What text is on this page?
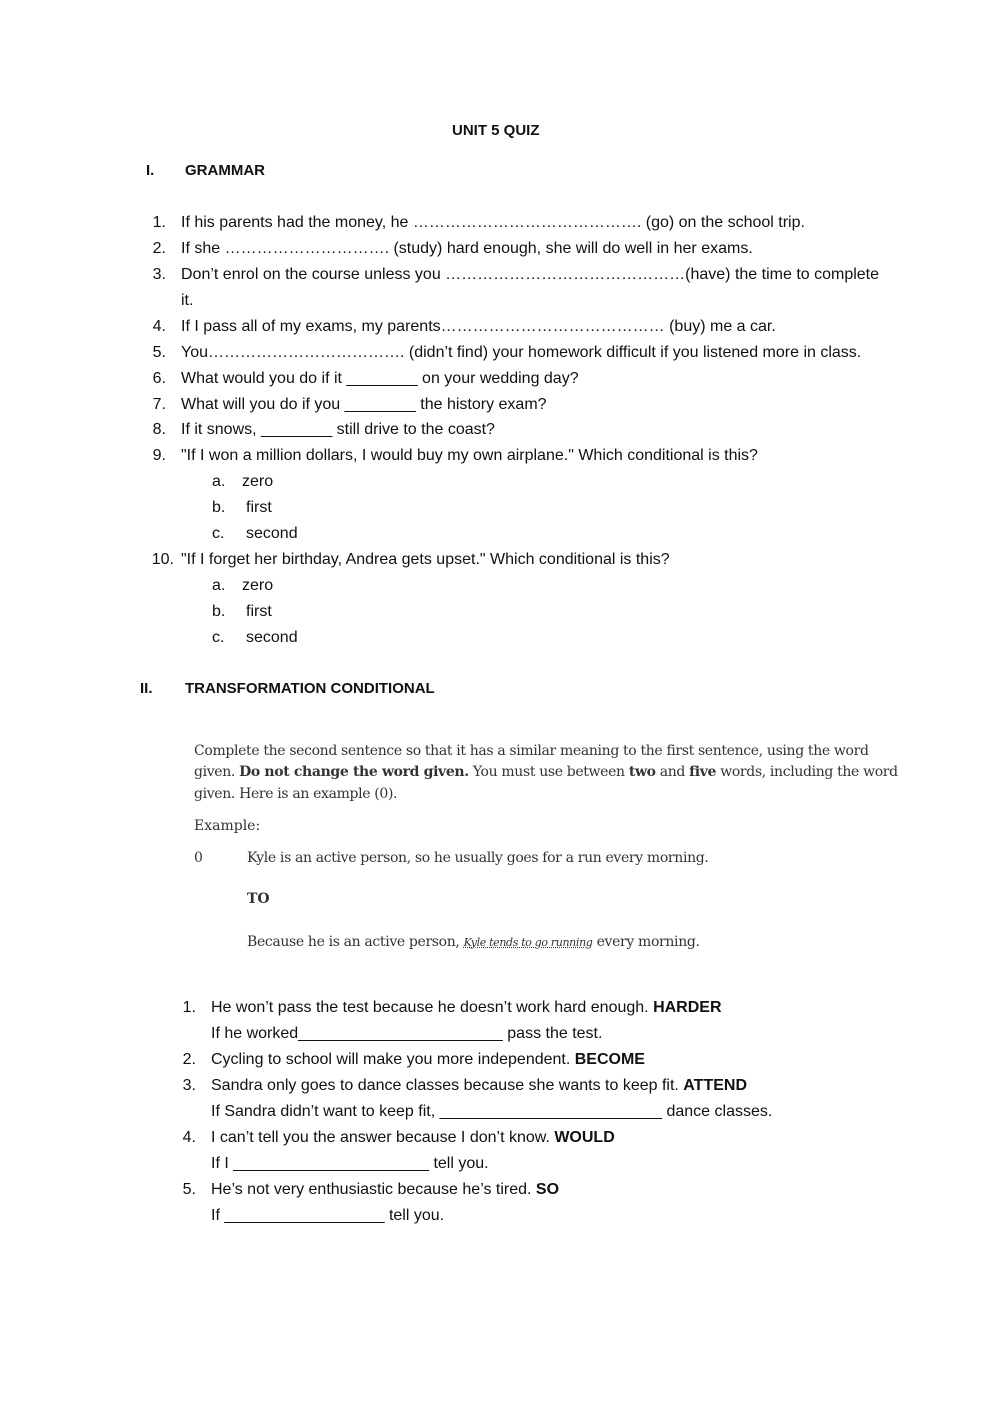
UNIT 5 QUIZ
I. GRAMMAR
1. If his parents had the money, he ……………………………………. (go) on the school trip.
2. If she …………………………. (study) hard enough, she will do well in her exams.
3. Don’t enrol on the course unless you ………………………………………(have) the time to complete
it.
4. If I pass all of my exams, my parents…………………………………… (buy) me a car.
5. You………………………………. (didn’t find) your homework difficult if you listened more in class.
6. What would you do if it ________ on your wedding day?
7. What will you do if you ________ the history exam?
8. If it snows, ________ still drive to the coast?
9. "If I won a million dollars, I would buy my own airplane." Which conditional is this?
a. zero
b. first
c. second
10. "If I forget her birthday, Andrea gets upset." Which conditional is this?
a. zero
b. first
c. second
II. TRANSFORMATION CONDITIONAL
Complete the second sentence so that it has a similar meaning to the first sentence, using the word
given. Do not change the word given. You must use between two and five words, including the word
given. Here is an example (0).
Example:
0	Kyle is an active person, so he usually goes for a run every morning.
TO
Because he is an active person, Kyle tends to go running every morning.
1. He won’t pass the test because he doesn’t work hard enough. HARDER
If he worked_______________________ pass the test.
2. Cycling to school will make you more independent. BECOME
3. Sandra only goes to dance classes because she wants to keep fit. ATTEND
If Sandra didn’t want to keep fit, _________________________ dance classes.
4. I can’t tell you the answer because I don’t know. WOULD
If I ______________________ tell you.
5. He’s not very enthusiastic because he’s tired. SO
If __________________ tell you.
